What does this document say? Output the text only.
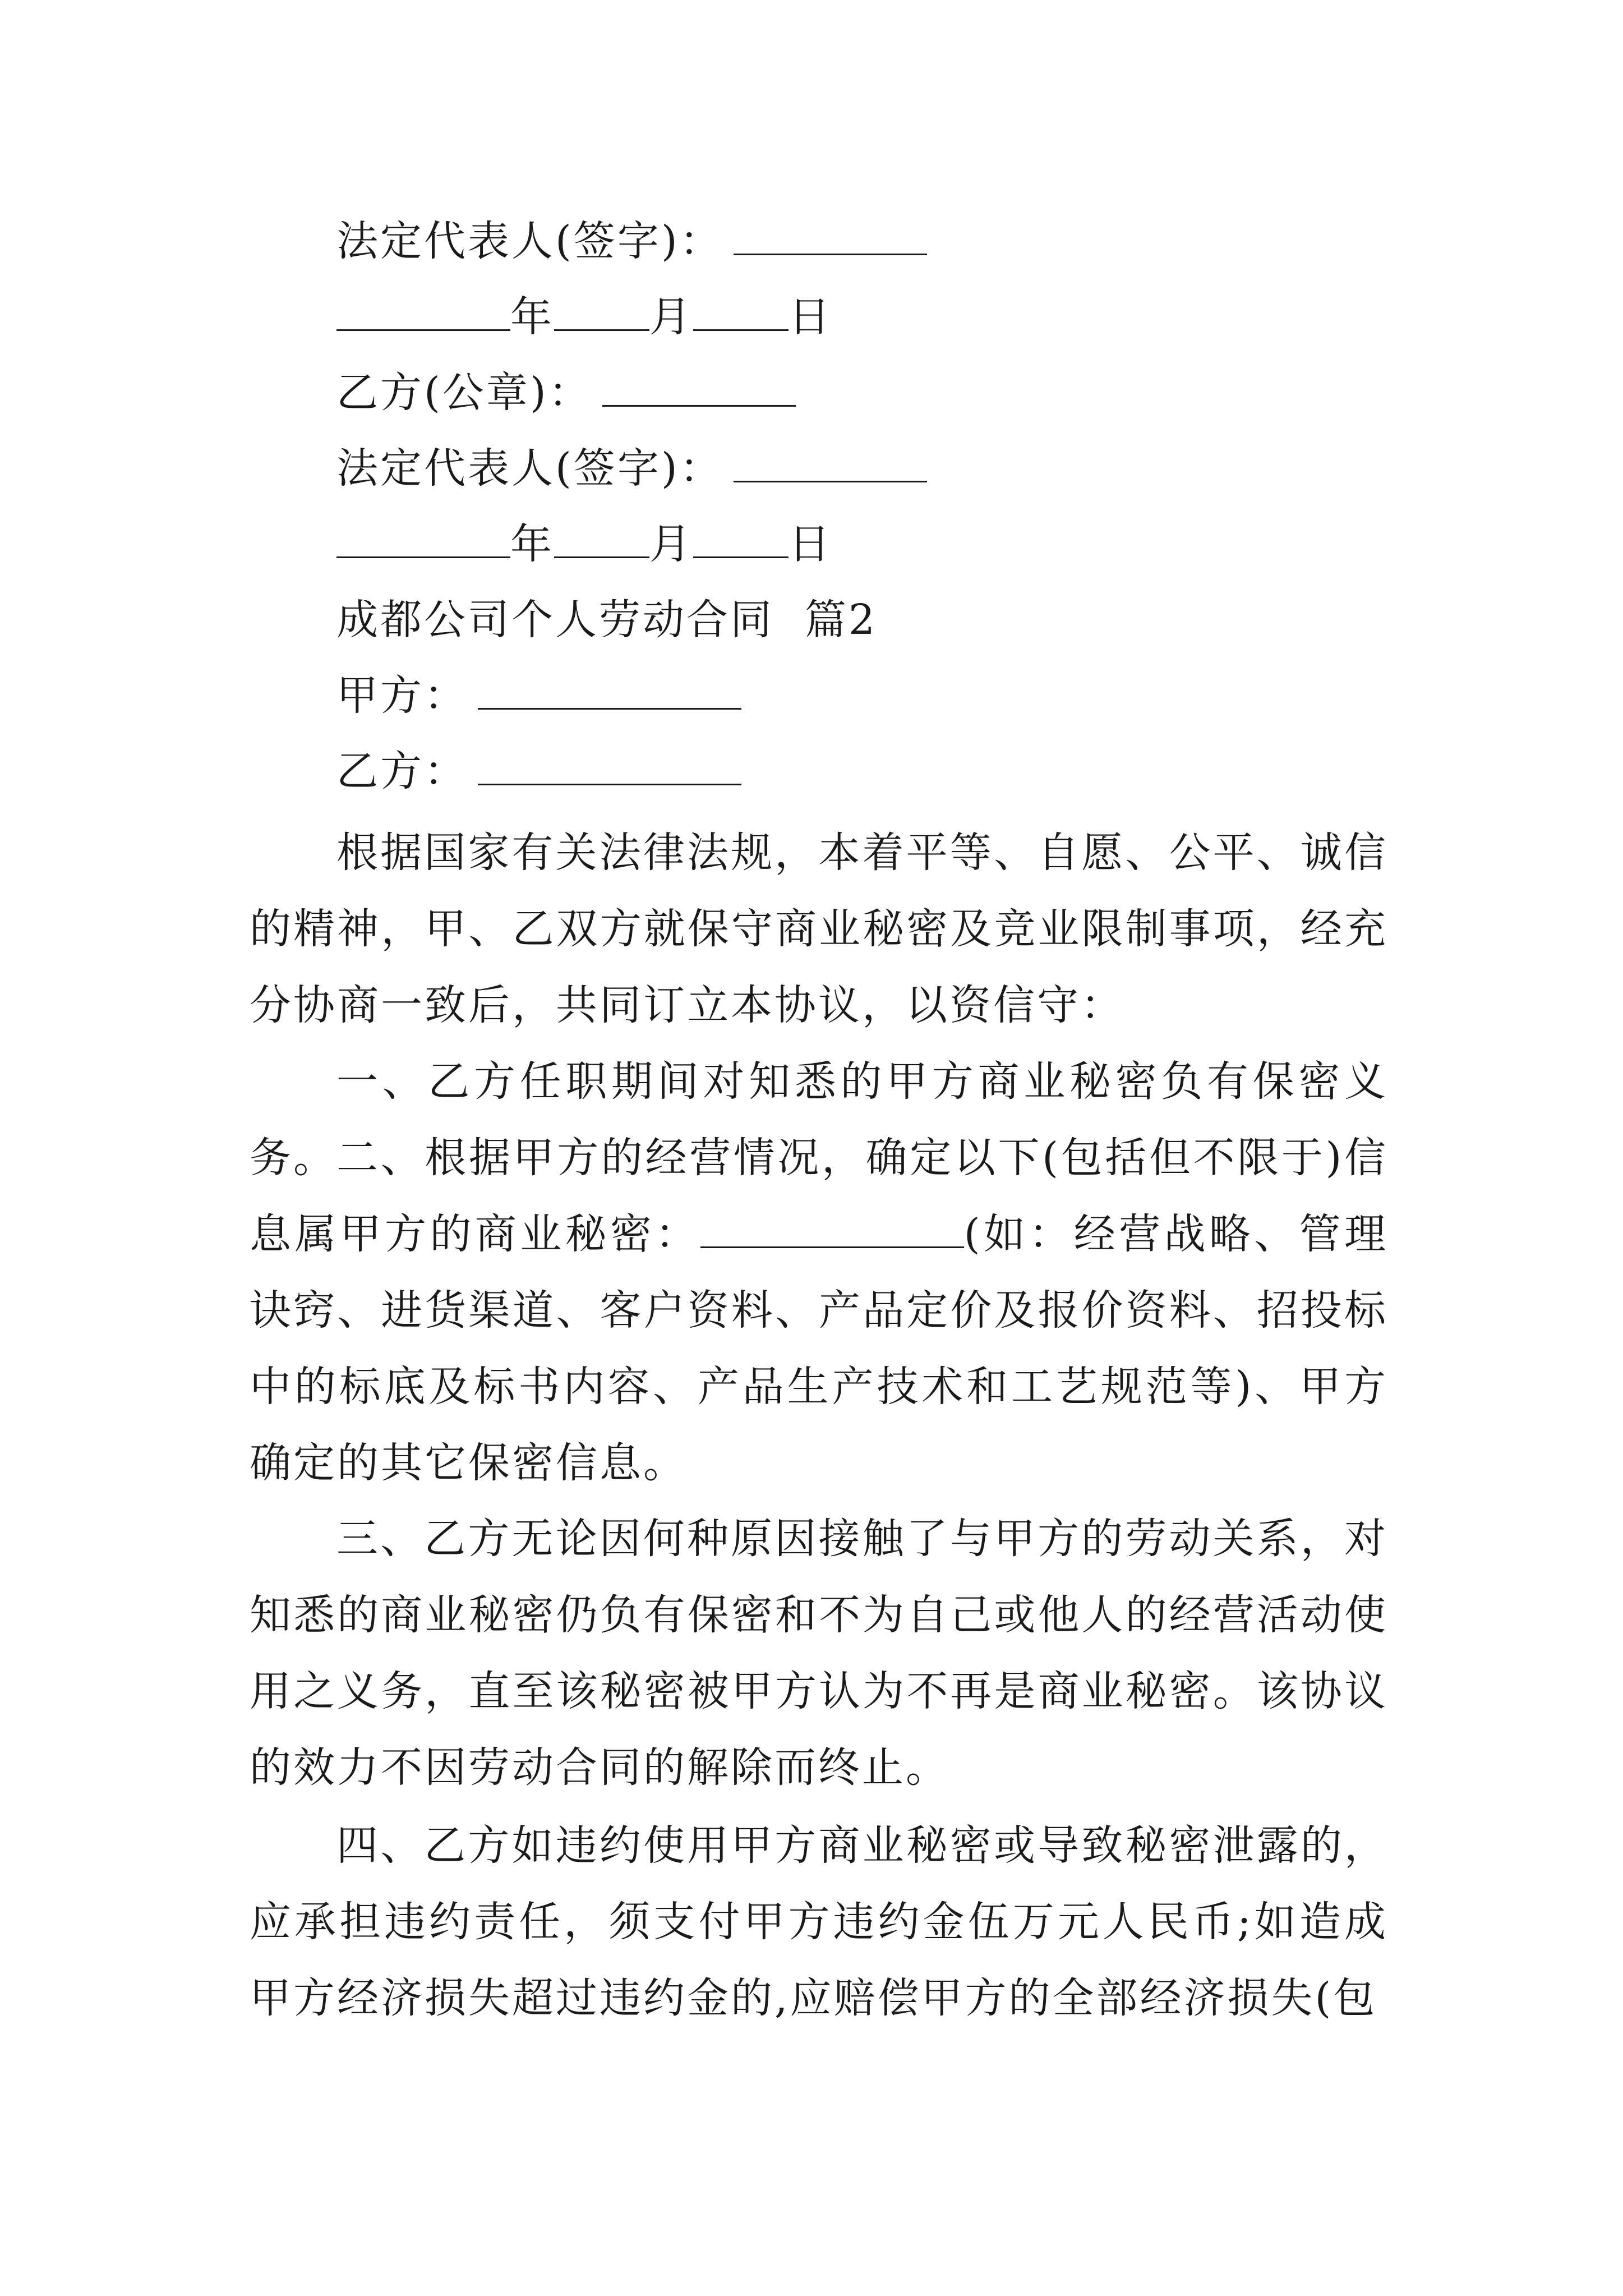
法定代表人(签字)：
年 月 日
乙方(公章)：
法定代表人(签字)：
年 月 日
成都公司个人劳动合同  篇2
甲方：
乙方：

根据国家有关法律法规，本着平等、自愿、公平、诚信的精神，甲、乙双方就保守商业秘密及竞业限制事项，经充分协商一致后，共同订立本协议，以资信守：

一、乙方任职期间对知悉的甲方商业秘密负有保密义务。 二、根据甲方的经营情况，确定以下(包括但不限于)信息属甲方的商业秘密：	(如：经营战略、管理诀窍、进货渠道、客户资料、产品定价及报价资料、招投标中的标底及标书内容、产品生产技术和工艺规范等)、甲方确定的其它保密信息。

三、乙方无论因何种原因接触了与甲方的劳动关系，对知悉的商业秘密仍负有保密和不为自己或他人的经营活动使用之义务，直至该秘密被甲方认为不再是商业秘密。该协议的效力不因劳动合同的解除而终止。

四、乙方如违约使用甲方商业秘密或导致秘密泄露的，应承担违约责任，须支付甲方违约金伍万元人民币;如造成甲方经济损失超过违约金的,应赔偿甲方的全部经济损失(包
